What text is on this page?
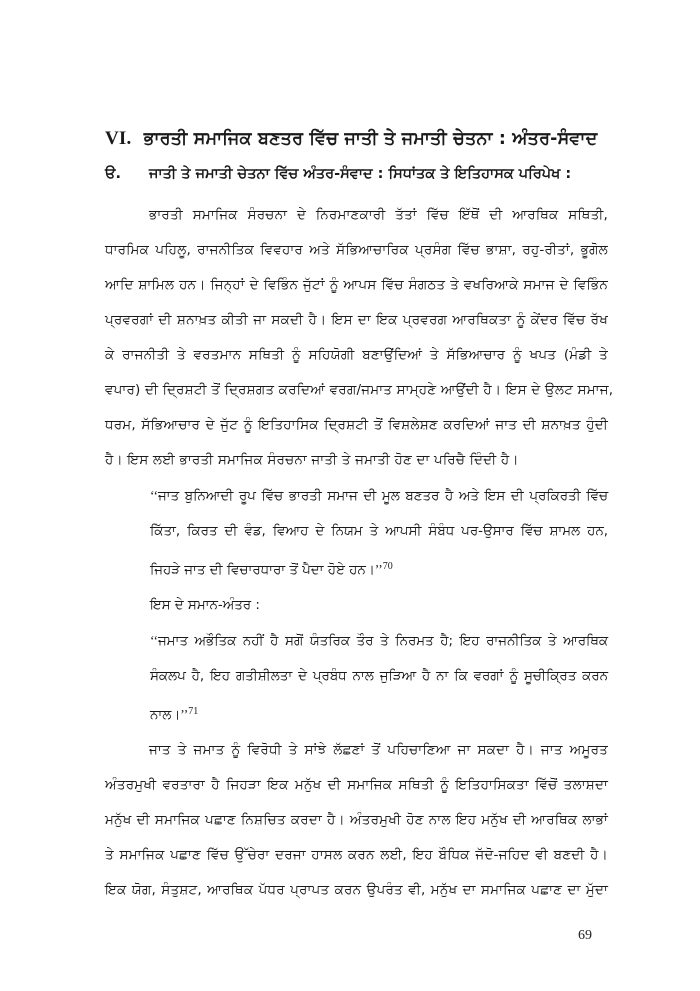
VI. ਭਾਰਤੀ ਸਮਾਜਿਕ ਬਣਤਰ ਵਿੱਚ ਜਾਤੀ ਤੇ ਜਮਾਤੀ ਚੇਤਨਾ : ਅੰਤਰ-ਸੰਵਾਦ
ੳ.	ਜਾਤੀ ਤੇ ਜਮਾਤੀ ਚੇਤਨਾ ਵਿੱਚ ਅੰਤਰ-ਸੰਵਾਦ : ਸਿਧਾਂਤਕ ਤੇ ਇਤਿਹਾਸਕ ਪਰਿਪੇਖ :
ਭਾਰਤੀ ਸਮਾਜਿਕ ਸੰਰਚਨਾ ਦੇ ਨਿਰਮਾਣਕਾਰੀ ਤੱਤਾਂ ਵਿੱਚ ਇੱਥੋਂ ਦੀ ਆਰਥਿਕ ਸਥਿਤੀ,
ਧਾਰਮਿਕ ਪਹਿਲੂ, ਰਾਜਨੀਤਿਕ ਵਿਵਹਾਰ ਅਤੇ ਸੱਭਿਆਚਾਰਿਕ ਪ੍ਰਸੰਗ ਵਿੱਚ ਭਾਸ਼ਾ, ਰਹੁ-ਰੀਤਾਂ, ਭੂਗੋਲ
ਆਦਿ ਸ਼ਾਮਿਲ ਹਨ। ਜਿਨ੍ਹਾਂ ਦੇ ਵਿਭਿੰਨ ਜੁੱਟਾਂ ਨੂੰ ਆਪਸ ਵਿੱਚ ਸੰਗਠਤ ਤੇ ਵਖਰਿਆਕੇ ਸਮਾਜ ਦੇ ਵਿਭਿੰਨ
ਪ੍ਰਵਰਗਾਂ ਦੀ ਸ਼ਨਾਖ਼ਤ ਕੀਤੀ ਜਾ ਸਕਦੀ ਹੈ। ਇਸ ਦਾ ਇਕ ਪ੍ਰਵਰਗ ਆਰਥਿਕਤਾ ਨੂੰ ਕੇਂਦਰ ਵਿੱਚ ਰੱਖ
ਕੇ ਰਾਜਨੀਤੀ ਤੇ ਵਰਤਮਾਨ ਸਥਿਤੀ ਨੂੰ ਸਹਿਯੋਗੀ ਬਣਾਉਂਦਿਆਂ ਤੇ ਸੱਭਿਆਚਾਰ ਨੂੰ ਖਪਤ (ਮੰਡੀ ਤੇ
ਵਪਾਰ) ਦੀ ਦ੍ਰਿਸ਼ਟੀ ਤੋਂ ਦ੍ਰਿਸ਼ਗਤ ਕਰਦਿਆਂ ਵਰਗ/ਜਮਾਤ ਸਾਮ੍ਹਣੇ ਆਉਂਦੀ ਹੈ। ਇਸ ਦੇ ਉਲਟ ਸਮਾਜ,
ਧਰਮ, ਸੱਭਿਆਚਾਰ ਦੇ ਜੁੱਟ ਨੂੰ ਇਤਿਹਾਸਿਕ ਦ੍ਰਿਸ਼ਟੀ ਤੋਂ ਵਿਸ਼ਲੇਸ਼ਣ ਕਰਦਿਆਂ ਜਾਤ ਦੀ ਸ਼ਨਾਖ਼ਤ ਹੁੰਦੀ
ਹੈ। ਇਸ ਲਈ ਭਾਰਤੀ ਸਮਾਜਿਕ ਸੰਰਚਨਾ ਜਾਤੀ ਤੇ ਜਮਾਤੀ ਹੋਣ ਦਾ ਪਰਿਚੈ ਦਿੰਦੀ ਹੈ।
‘‘ਜਾਤ ਬੁਨਿਆਦੀ ਰੂਪ ਵਿੱਚ ਭਾਰਤੀ ਸਮਾਜ ਦੀ ਮੂਲ ਬਣਤਰ ਹੈ ਅਤੇ ਇਸ ਦੀ ਪ੍ਰਕਿਰਤੀ ਵਿੱਚ
ਕਿੱਤਾ, ਕਿਰਤ ਦੀ ਵੰਡ, ਵਿਆਹ ਦੇ ਨਿਯਮ ਤੇ ਆਪਸੀ ਸੰਬੰਧ ਪਰ-ਉਸਾਰ ਵਿੱਚ ਸ਼ਾਮਲ ਹਨ,
ਜਿਹੜੇ ਜਾਤ ਦੀ ਵਿਚਾਰਧਾਰਾ ਤੋਂ ਪੈਦਾ ਹੋਏ ਹਨ।’’$^{70}$
ਇਸ ਦੇ ਸਮਾਨ-ਅੰਤਰ :
‘‘ਜਮਾਤ ਅਭੌਤਿਕ ਨਹੀਂ ਹੈ ਸਗੋਂ ਯੰਤਰਿਕ ਤੌਰ ਤੇ ਨਿਰਮਤ ਹੈ; ਇਹ ਰਾਜਨੀਤਿਕ ਤੇ ਆਰਥਿਕ
ਸੰਕਲਪ ਹੈ, ਇਹ ਗਤੀਸ਼ੀਲਤਾ ਦੇ ਪ੍ਰਬੰਧ ਨਾਲ ਜੁੜਿਆ ਹੈ ਨਾ ਕਿ ਵਰਗਾਂ ਨੂੰ ਸੂਚੀਕ੍ਰਿਤ ਕਰਨ
ਨਾਲ।’’$^{71}$
ਜਾਤ ਤੇ ਜਮਾਤ ਨੂੰ ਵਿਰੋਧੀ ਤੇ ਸਾਂਝੇ ਲੱਛਣਾਂ ਤੋਂ ਪਹਿਚਾਣਿਆ ਜਾ ਸਕਦਾ ਹੈ। ਜਾਤ ਅਮੂਰਤ
ਅੰਤਰਮੁਖੀ ਵਰਤਾਰਾ ਹੈ ਜਿਹੜਾ ਇਕ ਮਨੁੱਖ ਦੀ ਸਮਾਜਿਕ ਸਥਿਤੀ ਨੂੰ ਇਤਿਹਾਸਿਕਤਾ ਵਿੱਚੋਂ ਤਲਾਸ਼ਦਾ
ਮਨੁੱਖ ਦੀ ਸਮਾਜਿਕ ਪਛਾਣ ਨਿਸ਼ਚਿਤ ਕਰਦਾ ਹੈ। ਅੰਤਰਮੁਖੀ ਹੋਣ ਨਾਲ ਇਹ ਮਨੁੱਖ ਦੀ ਆਰਥਿਕ ਲਾਭਾਂ
ਤੇ ਸਮਾਜਿਕ ਪਛਾਣ ਵਿੱਚ ਉੱਚੇਰਾ ਦਰਜਾ ਹਾਸਲ ਕਰਨ ਲਈ, ਇਹ ਬੌਧਿਕ ਜੱਦੋ-ਜਹਿਦ ਵੀ ਬਣਦੀ ਹੈ।
ਇਕ ਯੋਗ, ਸੰਤੁਸ਼ਟ, ਆਰਥਿਕ ਪੱਧਰ ਪ੍ਰਾਪਤ ਕਰਨ ਉਪਰੰਤ ਵੀ, ਮਨੁੱਖ ਦਾ ਸਮਾਜਿਕ ਪਛਾਣ ਦਾ ਮੁੱਦਾ
69
